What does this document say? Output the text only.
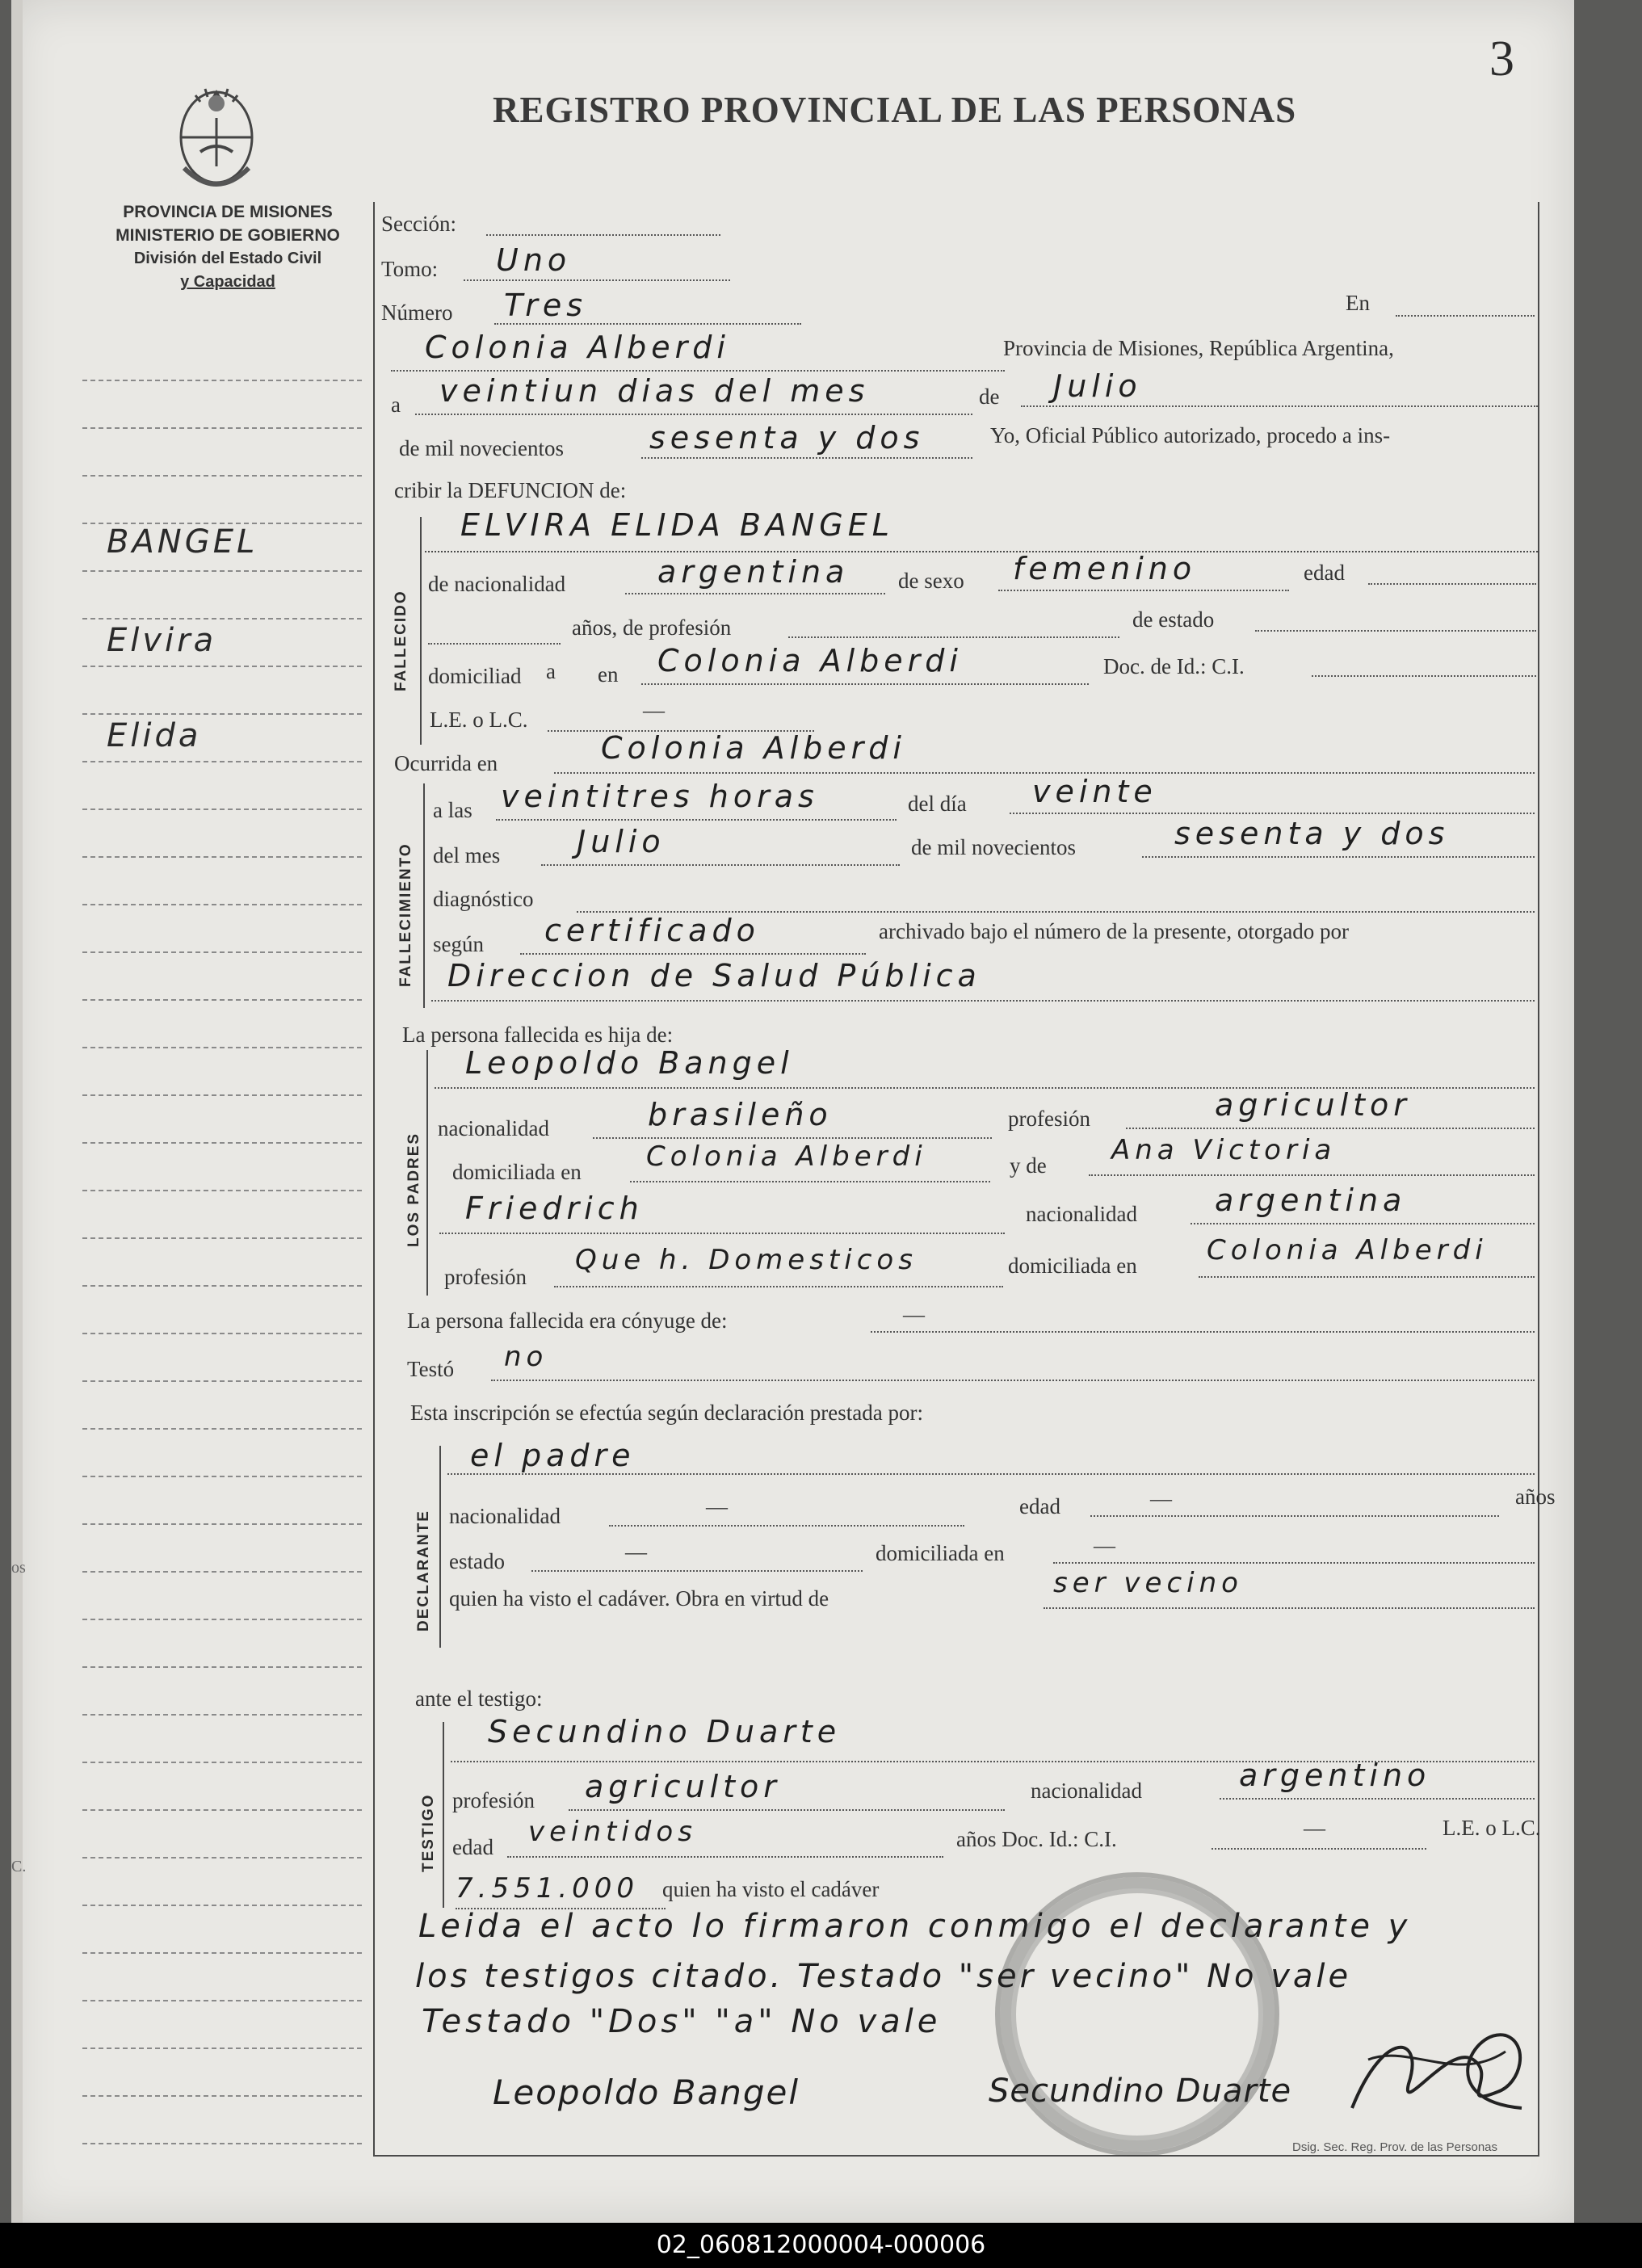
os
C.
3
REGISTRO PROVINCIAL DE LAS PERSONAS
PROVINCIA DE MISIONES
MINISTERIO DE GOBIERNO
División del Estado Civil
y Capacidad
BANGEL
Elvira
Elida
Sección:
Tomo: Uno
Número Tres	En
Colonia Alberdi	Provincia de Misiones, República Argentina,
a veintiun dias del mes	de Julio
de mil novecientos	sesenta y dos	Yo, Oficial Público autorizado, procedo a ins-
cribir la DEFUNCION de:
FALLECIDO
ELVIRA ELIDA BANGEL
de nacionalidad	argentina de sexo femenino	edad
años, de profesión	de estado
domiciliad a en Colonia Alberdi	Doc. de Id.: C.I.
L.E. o L.C.	—
Ocurrida en	Colonia Alberdi
FALLECIMIENTO
a las veintitres horas	del día veinte
del mes Julio	de mil novecientos	sesenta y dos
diagnóstico
según certificado	archivado bajo el número de la presente, otorgado por
Direccion de Salud Pública
La persona fallecida es hija de:
LOS PADRES
Leopoldo Bangel
nacionalidad	brasileño	profesión	agricultor
domiciliada en Colonia Alberdi	y de Ana Victoria
Friedrich	nacionalidad	argentina
profesión
Que h. Domesticos	domiciliada en	Colonia Alberdi
La persona fallecida era cónyuge de:	—
Testó no
Esta inscripción se efectúa según declaración prestada por:
DECLARANTE
el padre
nacionalidad	—	edad	—	años
estado	—	domiciliada en	—
quien ha visto el cadáver. Obra en virtud de	ser vecino
ante el testigo:
TESTIGO
Secundino Duarte
profesión agricultor	nacionalidad	argentino
edad veintidos	años Doc. Id.: C.I.	—	L.E. o L.C.
7.551.000 quien ha visto el cadáver
Dsig. Sec. Reg. Prov. de las Personas
Leida el acto lo firmaron conmigo el declarante y
los testigos citado. Testado "ser vecino" No vale
Testado "Dos" "a" No vale
Leopoldo Bangel	Secundino Duarte
02_060812000004-000006
